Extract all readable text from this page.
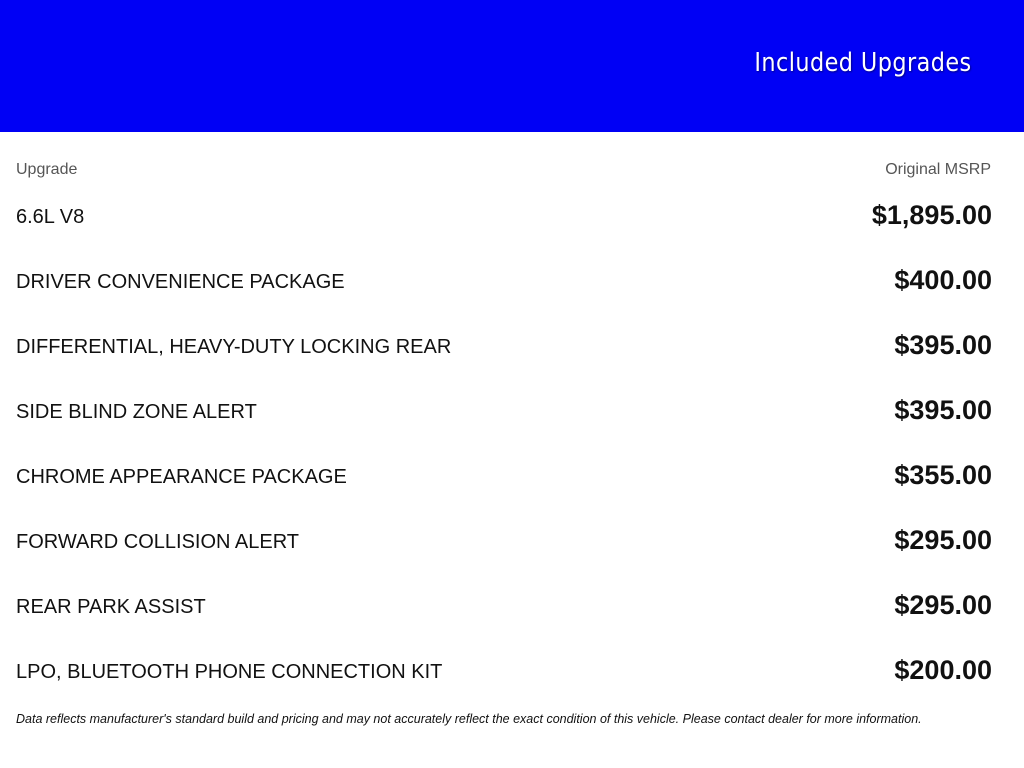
Included Upgrades
Upgrade	Original MSRP
6.6L V8	$1,895.00
DRIVER CONVENIENCE PACKAGE	$400.00
DIFFERENTIAL, HEAVY-DUTY LOCKING REAR	$395.00
SIDE BLIND ZONE ALERT	$395.00
CHROME APPEARANCE PACKAGE	$355.00
FORWARD COLLISION ALERT	$295.00
REAR PARK ASSIST	$295.00
LPO, BLUETOOTH PHONE CONNECTION KIT	$200.00
Data reflects manufacturer's standard build and pricing and may not accurately reflect the exact condition of this vehicle. Please contact dealer for more information.
